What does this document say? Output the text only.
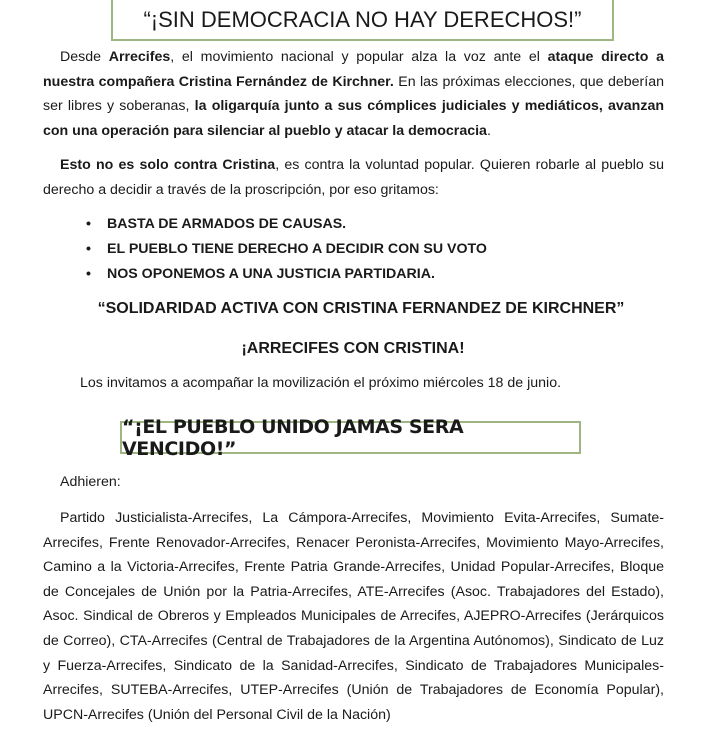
“¡SIN DEMOCRACIA NO HAY DERECHOS!”
Desde Arrecifes, el movimiento nacional y popular alza la voz ante el ataque directo a nuestra compañera Cristina Fernández de Kirchner. En las próximas elecciones, que deberían ser libres y soberanas, la oligarquía junto a sus cómplices judiciales y mediáticos, avanzan con una operación para silenciar al pueblo y atacar la democracia.
Esto no es solo contra Cristina, es contra la voluntad popular. Quieren robarle al pueblo su derecho a decidir a través de la proscripción, por eso gritamos:
• BASTA DE ARMADOS DE CAUSAS.
• EL PUEBLO TIENE DERECHO A DECIDIR CON SU VOTO
• NOS OPONEMOS A UNA JUSTICIA PARTIDARIA.
“SOLIDARIDAD ACTIVA CON CRISTINA FERNANDEZ DE KIRCHNER”
¡ARRECIFES CON CRISTINA!
Los invitamos a acompañar la movilización el próximo miércoles 18 de junio.
“¡EL PUEBLO UNIDO JAMAS SERA VENCIDO!”
Adhieren:
Partido Justicialista-Arrecifes, La Cámpora-Arrecifes, Movimiento Evita-Arrecifes, Sumate-Arrecifes, Frente Renovador-Arrecifes, Renacer Peronista-Arrecifes, Movimiento Mayo-Arrecifes, Camino a la Victoria-Arrecifes, Frente Patria Grande-Arrecifes, Unidad Popular-Arrecifes, Bloque de Concejales de Unión por la Patria-Arrecifes, ATE-Arrecifes (Asoc. Trabajadores del Estado), Asoc. Sindical de Obreros y Empleados Municipales de Arrecifes, AJEPRO-Arrecifes (Jerárquicos de Correo), CTA-Arrecifes (Central de Trabajadores de la Argentina Autónomos), Sindicato de Luz y Fuerza-Arrecifes, Sindicato de la Sanidad-Arrecifes, Sindicato de Trabajadores Municipales-Arrecifes, SUTEBA-Arrecifes, UTEP-Arrecifes (Unión de Trabajadores de Economía Popular), UPCN-Arrecifes (Unión del Personal Civil de la Nación)
